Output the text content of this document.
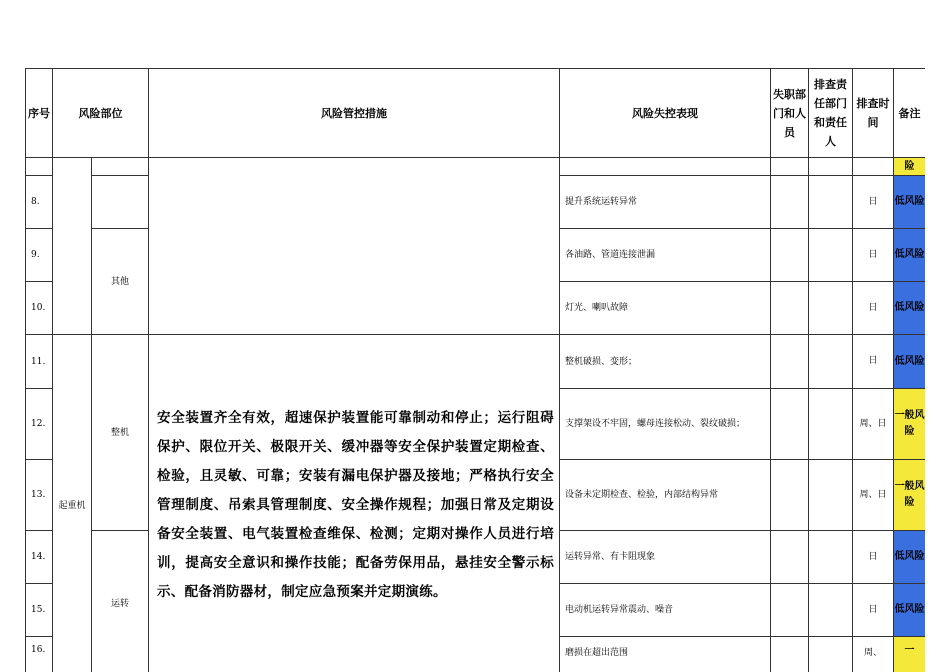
序号	风险部位		风险管控措施	风险失控表现	失职部门和人员	排查责任部门和责任人	排查时间	备注
								险
8.				提升系统运转异常			日	低风险
9.		其他		各油路、管道连接泄漏			日	低风险
10.				灯光、喇叭故障			日	低风险
11.	起重机	整机	安全装置齐全有效，超速保护装置能可靠制动和停止；运行阻碍保护、限位开关、极限开关、缓冲器等安全保护装置定期检查、检验，且灵敏、可靠；安装有漏电保护器及接地；严格执行安全管理制度、吊索具管理制度、安全操作规程；加强日常及定期设备安全装置、电气装置检查维保、检测；定期对操作人员进行培训，提高安全意识和操作技能；配备劳保用品，悬挂安全警示标示、配备消防器材，制定应急预案并定期演练。	整机破损、变形；			日	低风险
12.				支撑架设不牢固，螺母连接松动、裂纹破损；			周、日	一般风险
13.				设备未定期检查、检验，内部结构异常			周、日	一般风险
14.		运转		运转异常、有卡阻现象			日	低风险
15.				电动机运转异常震动、噪音			日	低风险
16.				磨损在超出范围			周、	一
